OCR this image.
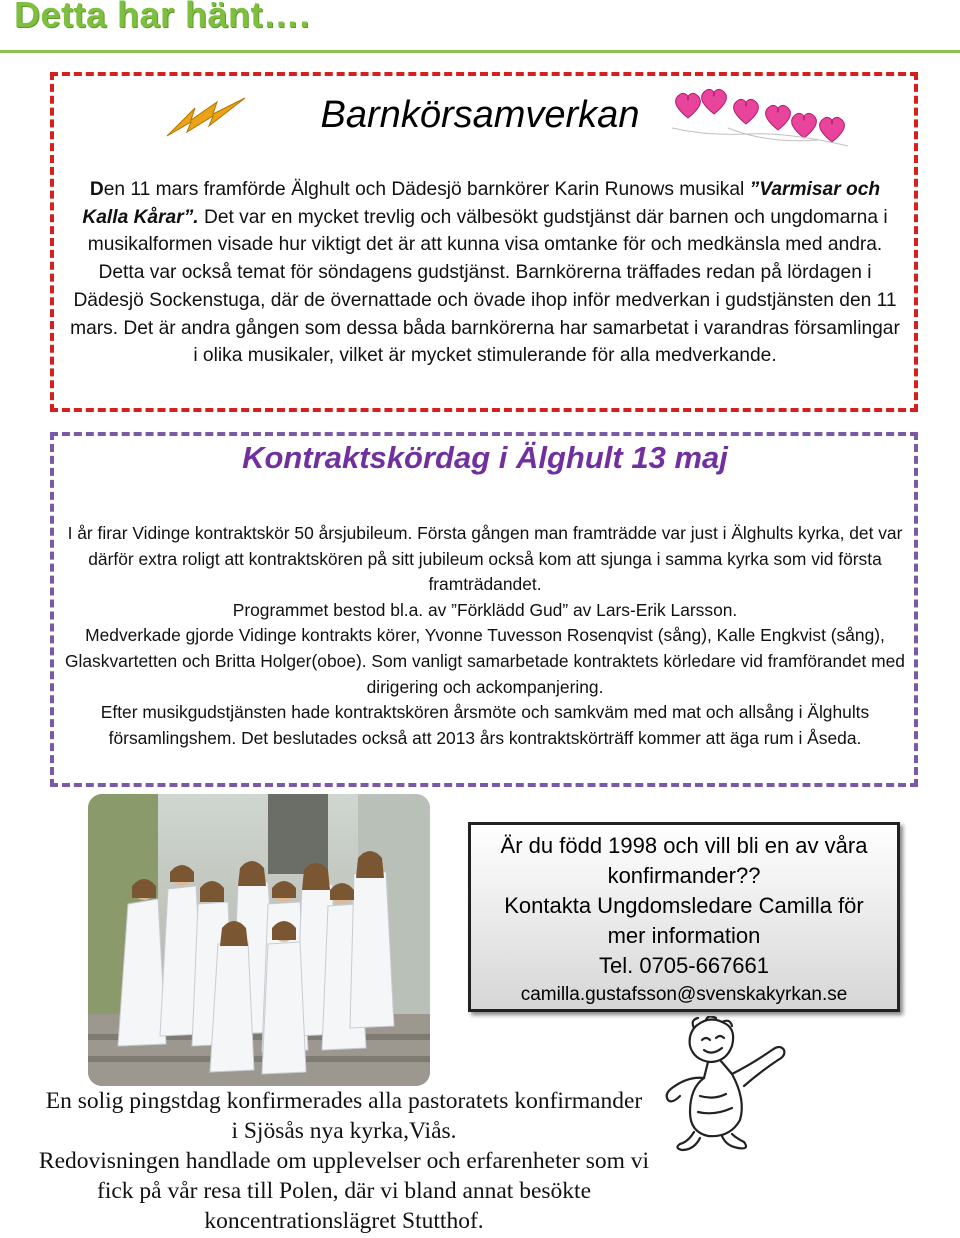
Detta har hänt….
Barnkörsamverkan
Den 11 mars framförde Älghult och Dädesjö barnkörer Karin Runows musikal ”Varmisar och Kalla Kårar”. Det var en mycket trevlig och välbesökt gudstjänst där barnen och ungdomarna i musikalformen visade hur viktigt det är att kunna visa omtanke för och medkänsla med andra. Detta var också temat för söndagens gudstjänst. Barnkörerna träffades redan på lördagen i Dädesjö Sockenstuga, där de övernattade och övade ihop inför medverkan i gudstjänsten den 11 mars. Det är andra gången som dessa båda barnkörerna har samarbetat i varandras församlingar i olika musikaler, vilket är mycket stimulerande för alla medverkande.
Kontraktskördag i Älghult 13 maj
I år firar Vidinge kontraktskör 50 årsjubileum. Första gången man framträdde var just i Älghults kyrka, det var därför extra roligt att kontraktskören på sitt jubileum också kom att sjunga i samma kyrka som vid första framträdandet.
Programmet bestod bl.a. av ”Förklädd Gud” av Lars-Erik Larsson.
Medverkade gjorde Vidinge kontrakts körer, Yvonne Tuvesson Rosenqvist (sång), Kalle Engkvist (sång), Glaskvartetten och Britta Holger(oboe). Som vanligt samarbetade kontraktets körledare vid framförandet med dirigering och ackompanjering.
Efter musikgudstjänsten hade kontraktskören årsmöte och samkväm med mat och allsång i Älghults församlingshem. Det beslutades också att 2013 års kontraktskörträff kommer att äga rum i Åseda.
Är du född 1998 och vill bli en av våra
konfirmander??
Kontakta Ungdomsledare Camilla för
mer information
Tel. 0705-667661
camilla.gustafsson@svenskakyrkan.se
En solig pingstdag konfirmerades alla pastoratets konfirmander
i Sjösås nya kyrka,Viås.
Redovisningen handlade om upplevelser och erfarenheter som vi
fick på vår resa till Polen, där vi bland annat besökte
koncentrationslägret Stutthof.
